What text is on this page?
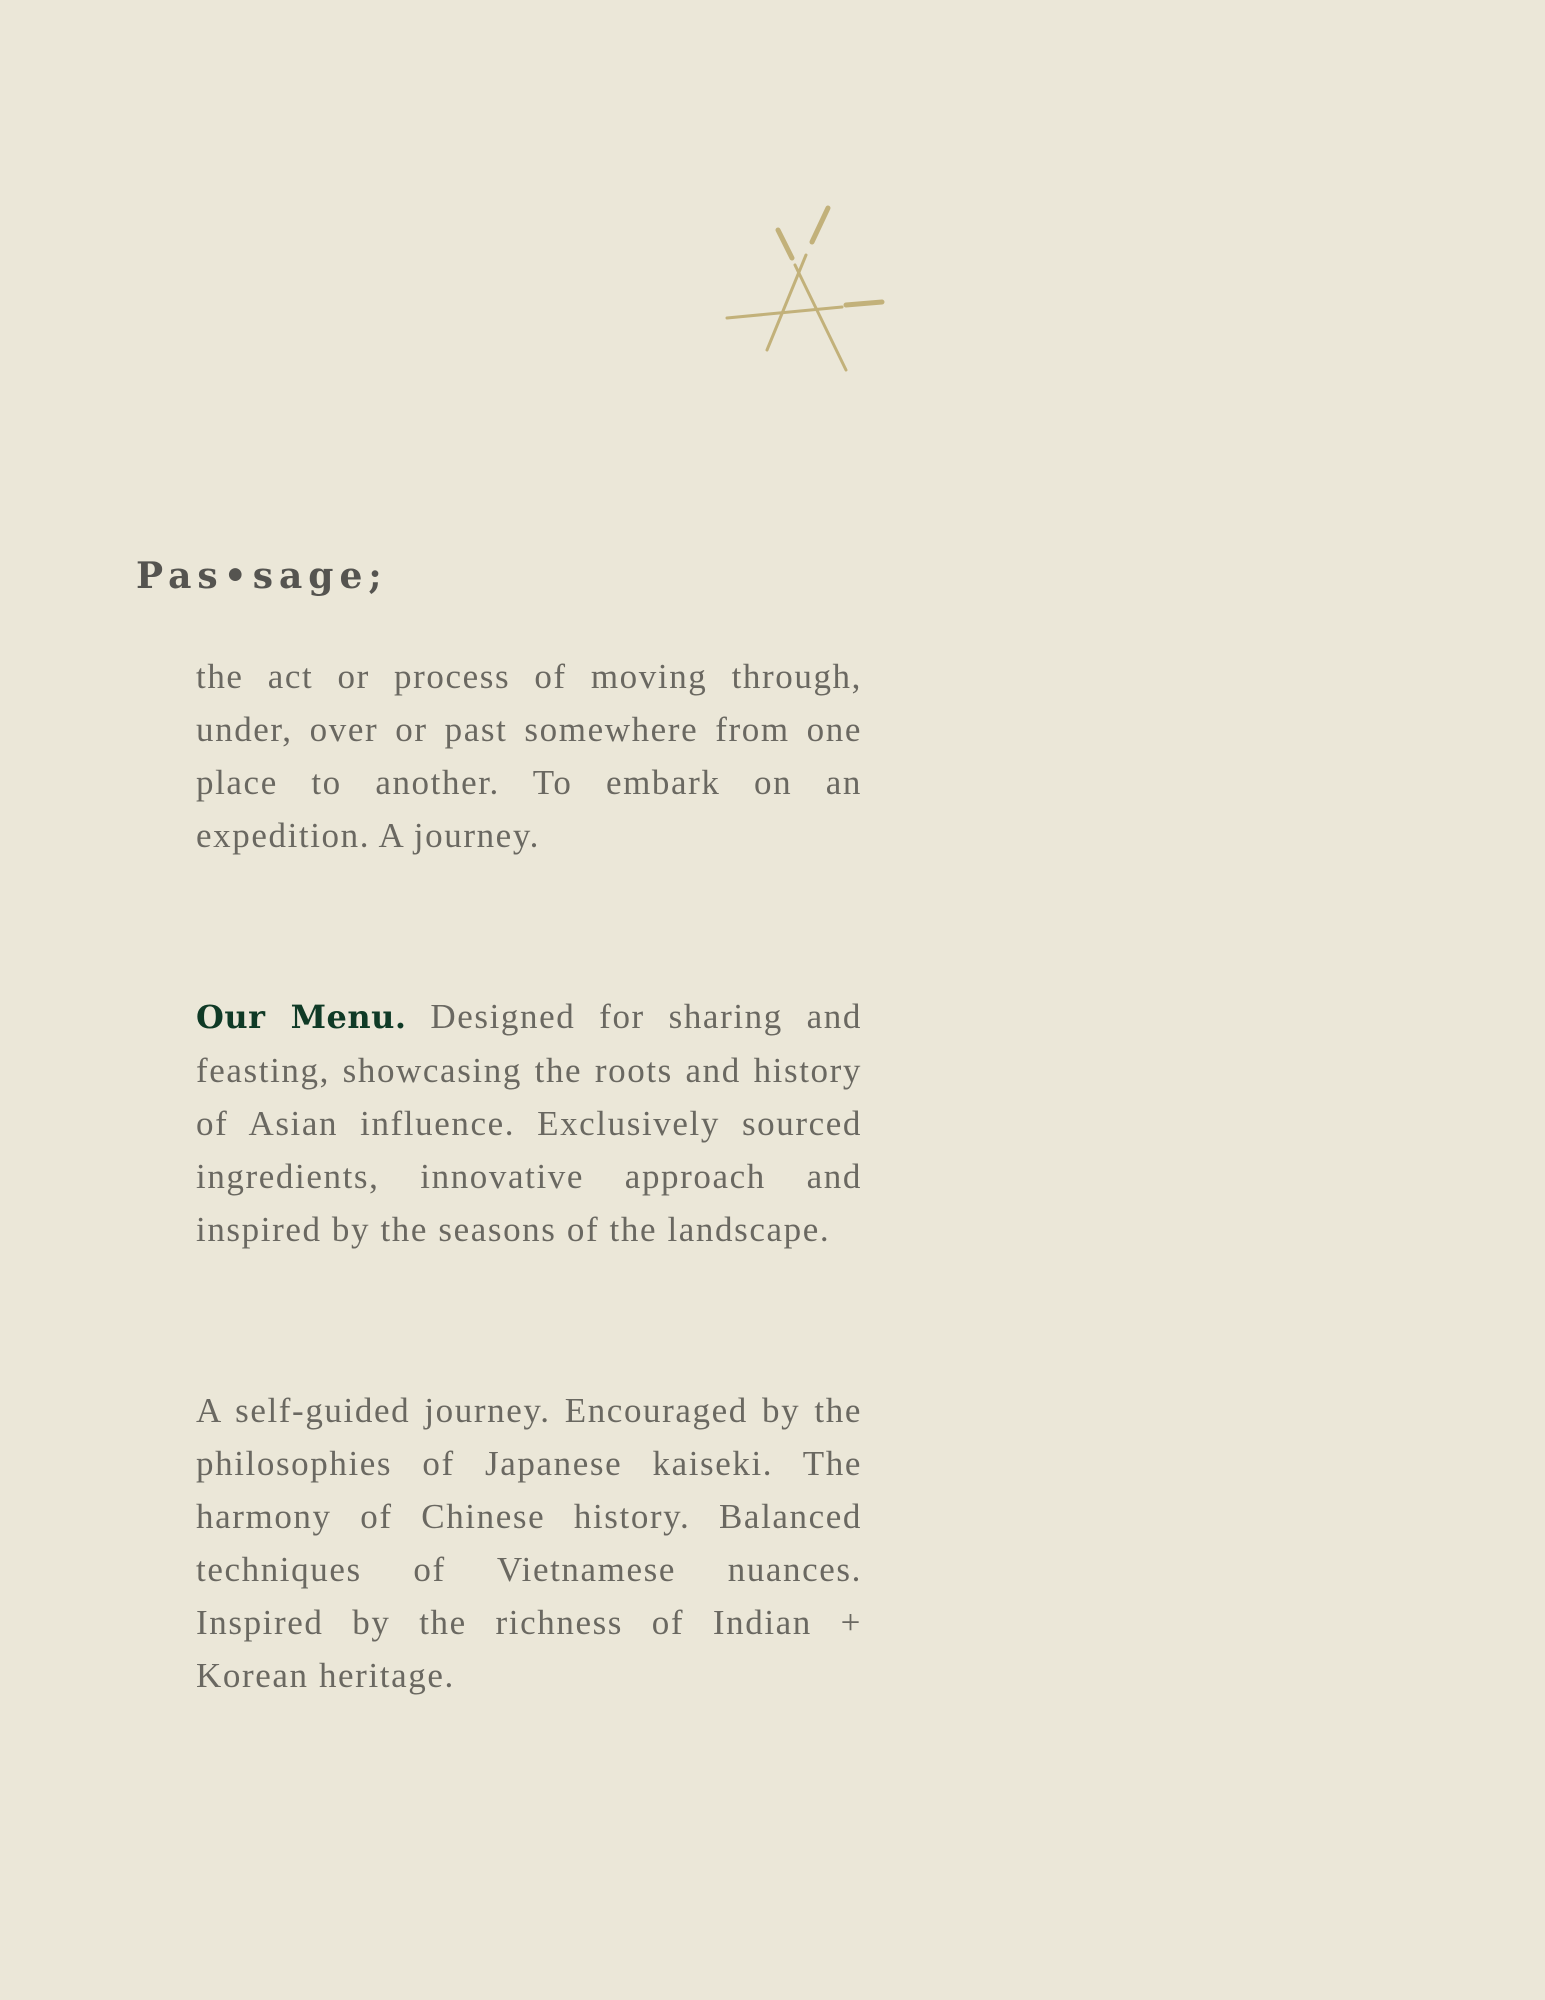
Pas•sage;

the act or process of moving through, under, over or past somewhere from one place to another. To embark on an expedition. A journey.

Our Menu. Designed for sharing and feasting, showcasing the roots and history of Asian influence. Exclusively sourced ingredients, innovative approach and inspired by the seasons of the landscape.

A self-guided journey. Encouraged by the philosophies of Japanese kaiseki. The harmony of Chinese history. Balanced techniques of Vietnamese nuances. Inspired by the richness of Indian + Korean heritage.
